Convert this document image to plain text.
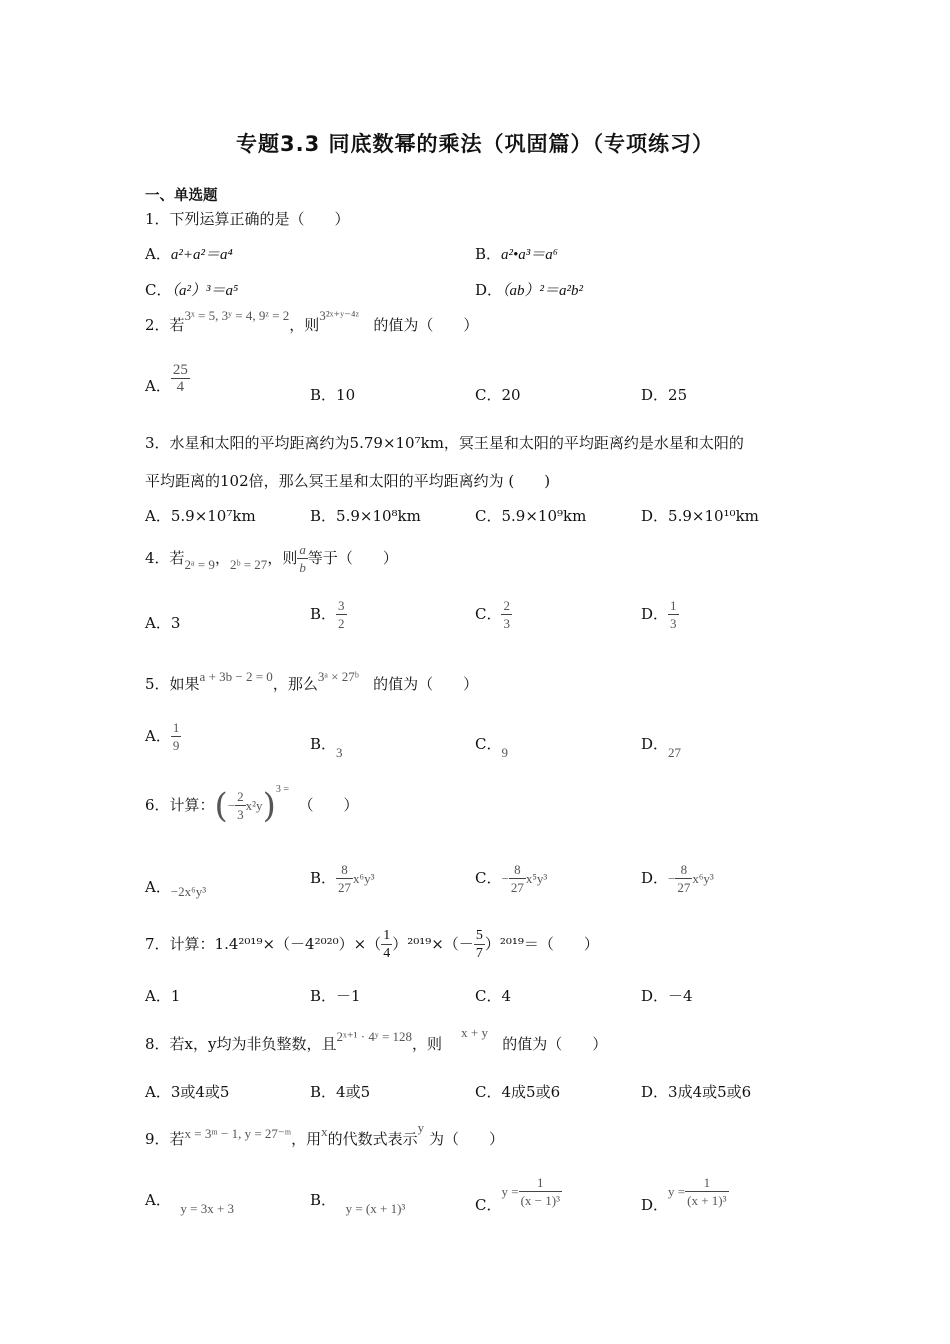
专题3.3 同底数幂的乘法（巩固篇）（专项练习）
一、单选题
1．下列运算正确的是（　　）
A．a²+a²＝a⁴	B．a²•a³＝a⁶
C．（a²）³＝a⁵	D．（ab）²＝a²b²
2．若3ˣ = 5, 3ʸ = 4, 9ᶻ = 2，则3²ˣ⁺ʸ⁻⁴ᶻ   的值为（　　）
A． $\frac{25}{4}$	B．10	C．20	D．25
3．水星和太阳的平均距离约为5.79×10⁷km，冥王星和太阳的平均距离约是水星和太阳的
平均距离的102倍，那么冥王星和太阳的平均距离约为 (　　)
A．5.9×10⁷km	B．5.9×10⁸km	C．5.9×10⁹km	D．5.9×10¹⁰km
4．若2ᵃ = 9，2ᵇ = 27，则 $\frac{a}{b}$ 等于（　　）
A．3	B． $\frac{3}{2}$	C． $\frac{2}{3}$	D． $\frac{1}{3}$
5．如果a + 3b − 2 = 0，那么3ᵃ × 27ᵇ 的值为（　　）
A． $\frac{1}{9}$	B．3	C．9	D．27
6．计算：(− $\frac{2}{3} x^2y)^{3 =}$  （　　）
A．−2x⁶y³
B． $\frac{8}{27} x^6y^3$	C．− $\frac{8}{27} x^5y^3$	D．− $\frac{8}{27} x^6y^3$
7．计算：$1.4^{2019}\times(-4^{2020})\times( \frac{1}{4} )^{2019}\times(- \frac{5}{7} )^{2019}=$（　　）
A．1	B．－1	C．4	D．－4
8．若x，y均为非负整数，且2ˣ⁺¹ · 4ʸ = 128，则    x + y   的值为（　　）
A．3或4或5	B．4或5	C．4成5或6	D．3成4或5或6
9．若x = 3ᵐ − 1, y = 27⁻ᵐ，用x的代数式表示y 为（　　）
A． y = 3x + 3	B． y = (x + 1)³	C．$y = \frac{1}{\text{(x − 1)³}}$	D．$y = \frac{1}{\text{(x + 1)³}}$
